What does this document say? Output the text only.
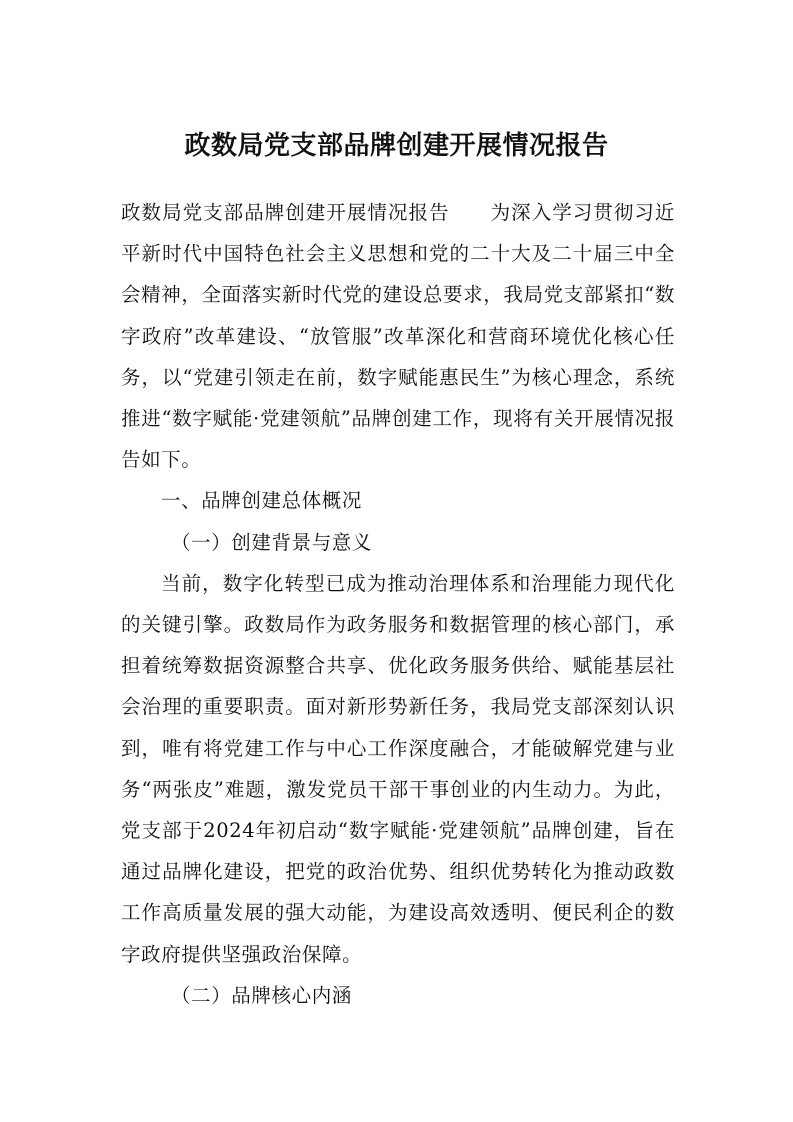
政数局党支部品牌创建开展情况报告

政数局党支部品牌创建开展情况报告　　为深入学习贯彻习近平新时代中国特色社会主义思想和党的二十大及二十届三中全会精神，全面落实新时代党的建设总要求，我局党支部紧扣“数字政府”改革建设、“放管服”改革深化和营商环境优化核心任务，以“党建引领走在前，数字赋能惠民生”为核心理念，系统推进“数字赋能·党建领航”品牌创建工作，现将有关开展情况报告如下。

一、品牌创建总体概况

（一）创建背景与意义

当前，数字化转型已成为推动治理体系和治理能力现代化的关键引擎。政数局作为政务服务和数据管理的核心部门，承担着统筹数据资源整合共享、优化政务服务供给、赋能基层社会治理的重要职责。面对新形势新任务，我局党支部深刻认识到，唯有将党建工作与中心工作深度融合，才能破解党建与业务“两张皮”难题，激发党员干部干事创业的内生动力。为此，党支部于2024年初启动“数字赋能·党建领航”品牌创建，旨在通过品牌化建设，把党的政治优势、组织优势转化为推动政数工作高质量发展的强大动能，为建设高效透明、便民利企的数字政府提供坚强政治保障。

（二）品牌核心内涵
